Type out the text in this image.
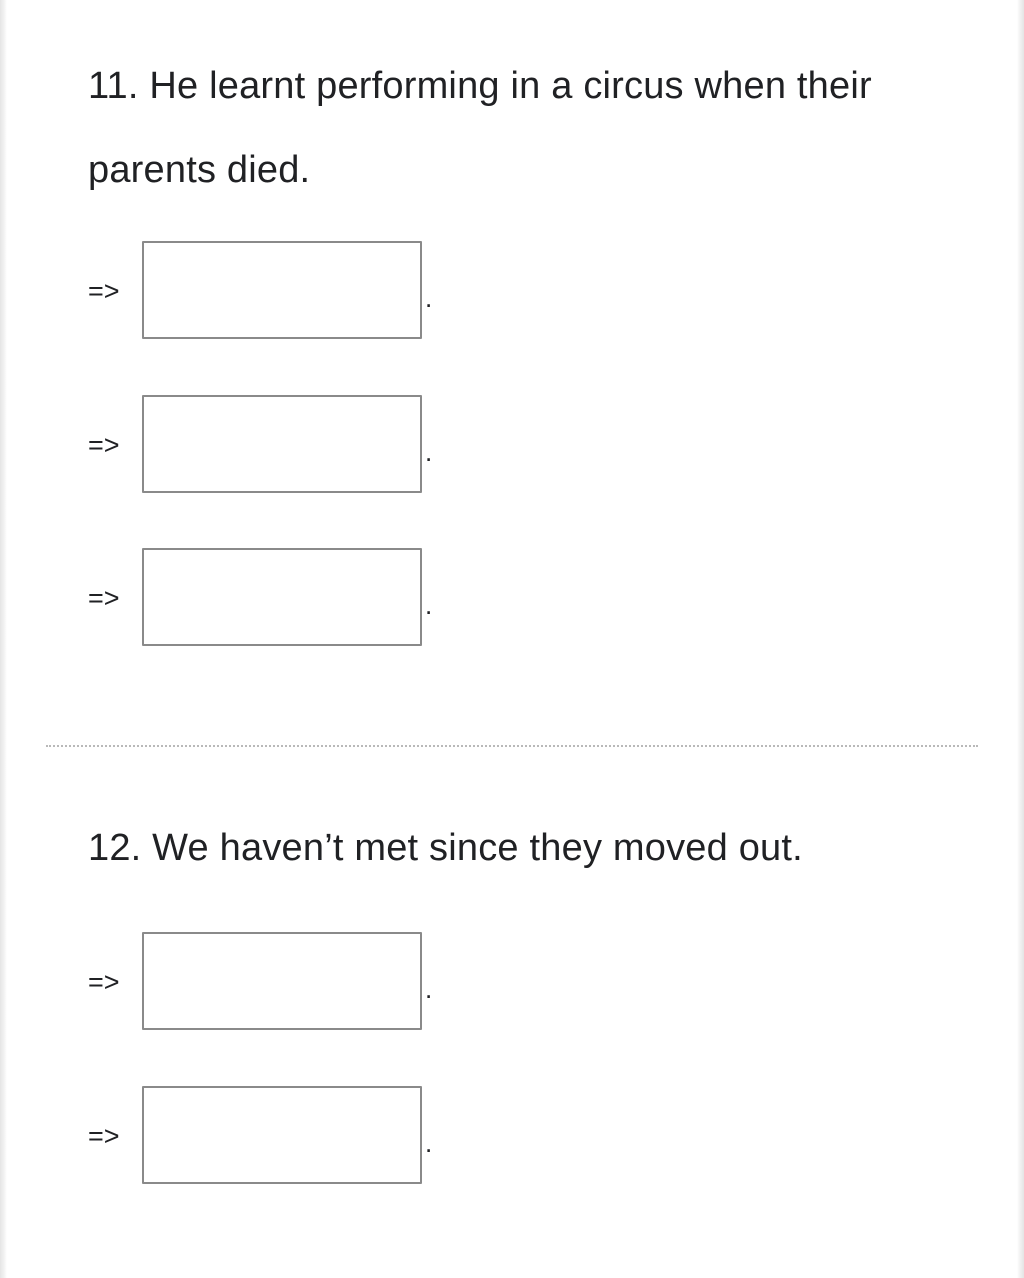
11. He learnt performing in a circus when their parents died.
=>	.
=>	.
=>	.
12. We haven’t met since they moved out.
=>	.
=>	.
